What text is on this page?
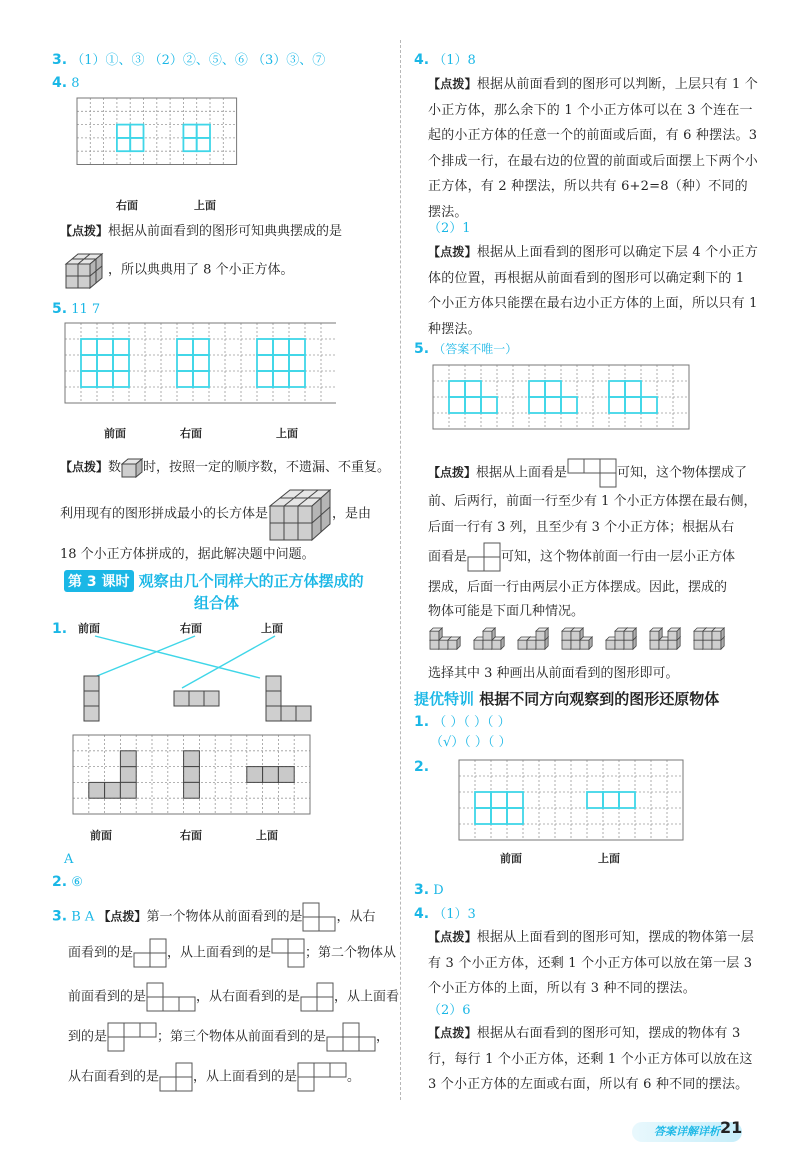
3. （1）①、③ （2）②、⑤、⑥ （3）③、⑦
4. 8
右面	上面
【点拨】根据从前面看到的图形可知典典摆成的是
，所以典典用了 8 个小正方体。
5. 11 7
前面	右面	上面
【点拨】数 时，按照一定的顺序数，不遗漏、不重复。
利用现有的图形拼成最小的长方体是	，是由
18 个小正方体拼成的，据此解决题中问题。
第 3 课时 观察由几个同样大的正方体摆成的
组合体
1. 前面	右面	上面
前面	右面	上面
A
2. ⑥
3. B A 【点拨】第一个物体从前面看到的是	，从右
面看到的是	，从上面看到的是	；第二个物体从
前面看到的是	，从右面看到的是	，从上面看
到的是	；第三个物体从前面看到的是	，
从右面看到的是	，从上面看到的是	。
4. （1）8
【点拨】根据从前面看到的图形可以判断，上层只有 1 个小正方体，那么余下的 1 个小正方体可以在 3 个连在一起的小正方体的任意一个的前面或后面，有 6 种摆法。3 个排成一行，在最右边的位置的前面或后面摆上下两个小正方体，有 2 种摆法，所以共有 6+2=8（种）不同的摆法。
（2）1
【点拨】根据从上面看到的图形可以确定下层 4 个小正方体的位置，再根据从前面看到的图形可以确定剩下的 1 个小正方体只能摆在最右边小正方体的上面，所以只有 1 种摆法。
5. （答案不唯一）
【点拨】根据从上面看是	可知，这个物体摆成了
前、后两行，前面一行至少有 1 个小正方体摆在最右侧，
后面一行有 3 列，且至少有 3 个小正方体；根据从右
面看是	可知，这个物体前面一行由一层小正方体
摆成，后面一行由两层小正方体摆成。因此，摆成的
物体可能是下面几种情况。
选择其中 3 种画出从前面看到的图形即可。
提优特训 根据不同方向观察到的图形还原物体
1. （ ）（ ）（ ）
（√）（ ）（ ）
2.
前面	上面
3. D
4. （1）3
【点拨】根据从上面看到的图形可知，摆成的物体第一层有 3 个小正方体，还剩 1 个小正方体可以放在第一层 3 个小正方体的上面，所以有 3 种不同的摆法。
（2）6
【点拨】根据从右面看到的图形可知，摆成的物体有 3 行，每行 1 个小正方体，还剩 1 个小正方体可以放在这 3 个小正方体的左面或右面，所以有 6 种不同的摆法。
答案详解详析 21
